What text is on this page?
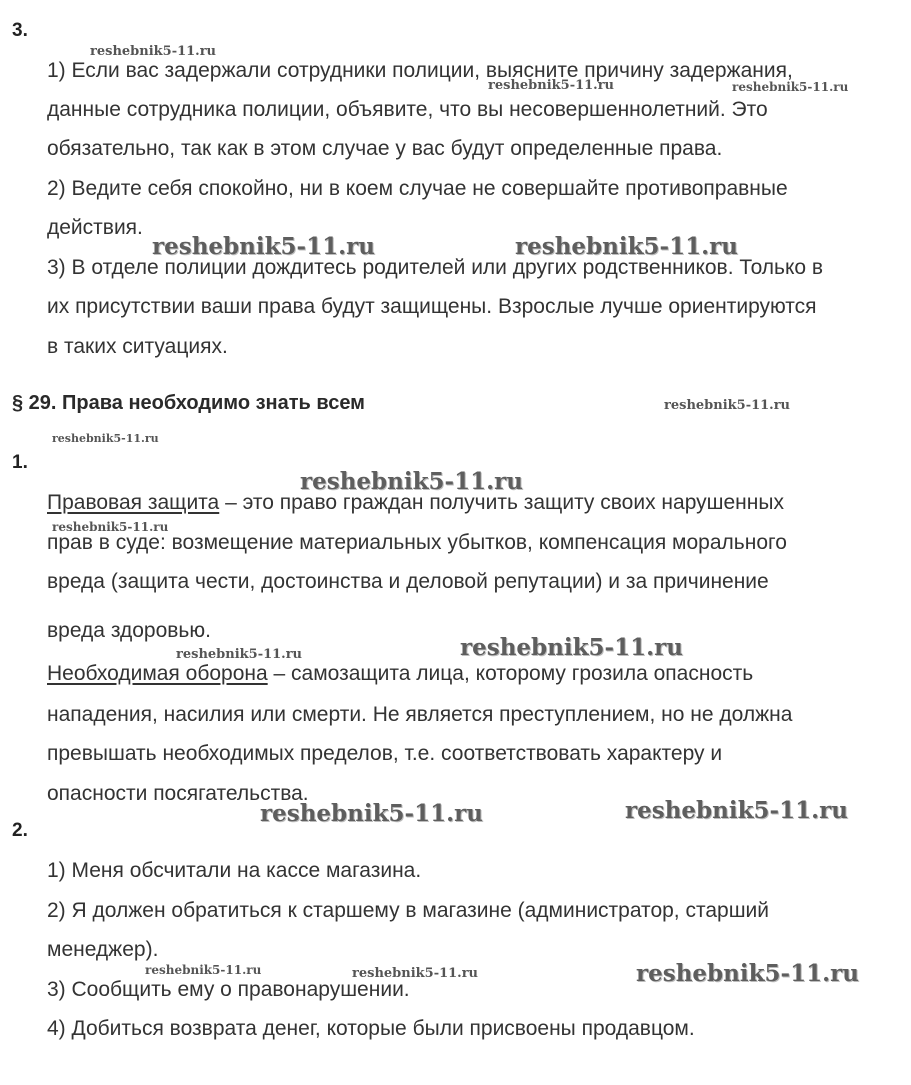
3.
1) Если вас задержали сотрудники полиции, выясните причину задержания,
данные сотрудника полиции, объявите, что вы несовершеннолетний. Это
обязательно, так как в этом случае у вас будут определенные права.
2) Ведите себя спокойно, ни в коем случае не совершайте противоправные
действия.
3) В отделе полиции дождитесь родителей или других родственников. Только в
их присутствии ваши права будут защищены. Взрослые лучше ориентируются
в таких ситуациях.
§ 29. Права необходимо знать всем
1.
Правовая защита – это право граждан получить защиту своих нарушенных
прав в суде: возмещение материальных убытков, компенсация морального
вреда (защита чести, достоинства и деловой репутации) и за причинение
вреда здоровью.
Необходимая оборона – самозащита лица, которому грозила опасность
нападения, насилия или смерти. Не является преступлением, но не должна
превышать необходимых пределов, т.е. соответствовать характеру и
опасности посягательства.
2.
1) Меня обсчитали на кассе магазина.
2) Я должен обратиться к старшему в магазине (администратор, старший
менеджер).
3) Сообщить ему о правонарушении.
4) Добиться возврата денег, которые были присвоены продавцом.
reshebnik5-11.ru
reshebnik5-11.ru	reshebnik5-11.ru
reshebnik5-11.ru	reshebnik5-11.ru
reshebnik5-11.ru
reshebnik5-11.ru
reshebnik5-11.ru
reshebnik5-11.ru
reshebnik5-11.ru	reshebnik5-11.ru
reshebnik5-11.ru	reshebnik5-11.ru
reshebnik5-11.ru	reshebnik5-11.ru	reshebnik5-11.ru
